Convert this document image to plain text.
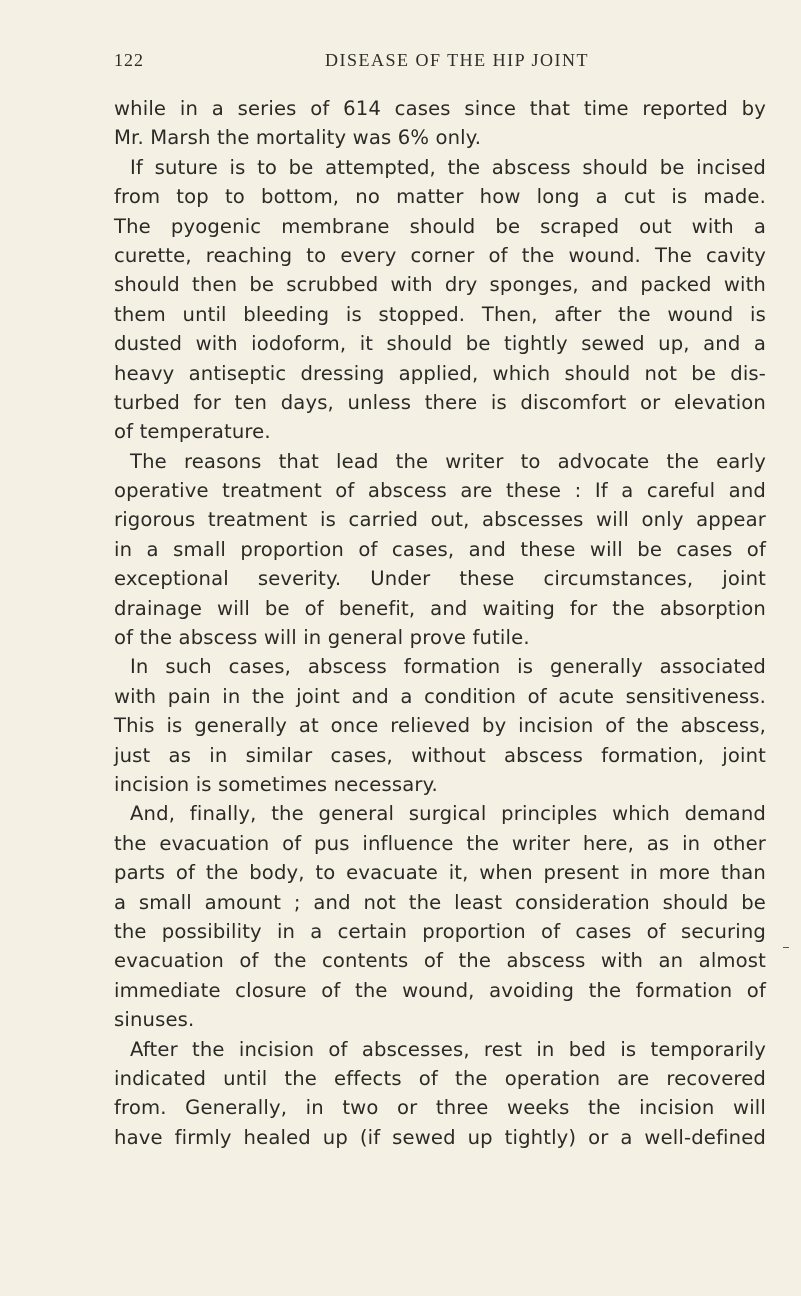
122	DISEASE OF THE HIP JOINT
while in a series of 614 cases since that time reported by
Mr. Marsh the mortality was 6% only.
If suture is to be attempted, the abscess should be incised
from top to bottom, no matter how long a cut is made.
The pyogenic membrane should be scraped out with a
curette, reaching to every corner of the wound. The cavity
should then be scrubbed with dry sponges, and packed with
them until bleeding is stopped. Then, after the wound is
dusted with iodoform, it should be tightly sewed up, and a
heavy antiseptic dressing applied, which should not be dis-
turbed for ten days, unless there is discomfort or elevation
of temperature.
The reasons that lead the writer to advocate the early
operative treatment of abscess are these : If a careful and
rigorous treatment is carried out, abscesses will only appear
in a small proportion of cases, and these will be cases of
exceptional severity. Under these circumstances, joint
drainage will be of benefit, and waiting for the absorption
of the abscess will in general prove futile.
In such cases, abscess formation is generally associated
with pain in the joint and a condition of acute sensitiveness.
This is generally at once relieved by incision of the abscess,
just as in similar cases, without abscess formation, joint
incision is sometimes necessary.
And, finally, the general surgical principles which demand
the evacuation of pus influence the writer here, as in other
parts of the body, to evacuate it, when present in more than
a small amount ; and not the least consideration should be
the possibility in a certain proportion of cases of securing
evacuation of the contents of the abscess with an almost
immediate closure of the wound, avoiding the formation of
sinuses.
After the incision of abscesses, rest in bed is temporarily
indicated until the effects of the operation are recovered
from. Generally, in two or three weeks the incision will
have firmly healed up (if sewed up tightly) or a well-defined
